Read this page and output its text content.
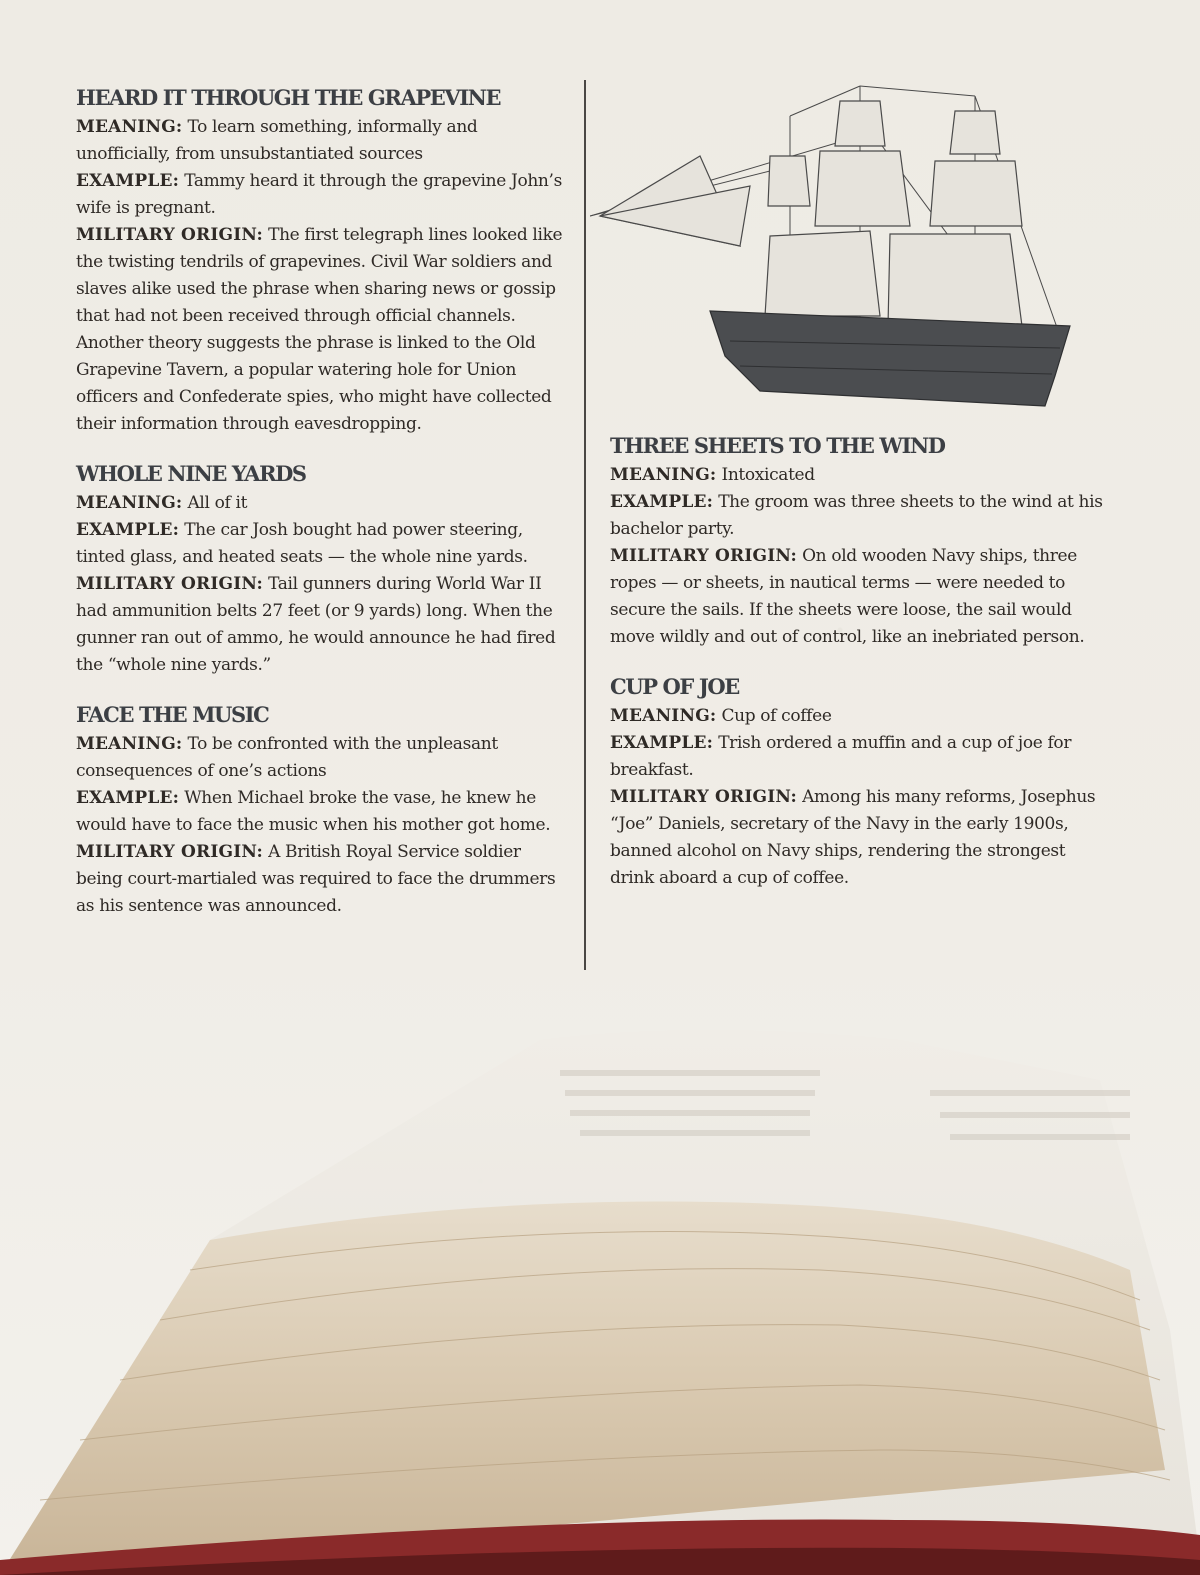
HEARD IT THROUGH THE GRAPEVINE

MEANING: To learn something, informally and unofficially, from unsubstantiated sources

EXAMPLE: Tammy heard it through the grapevine John’s wife is pregnant.

MILITARY ORIGIN: The first telegraph lines looked like the twisting tendrils of grapevines. Civil War soldiers and slaves alike used the phrase when sharing news or gossip that had not been received through official channels. Another theory suggests the phrase is linked to the Old Grapevine Tavern, a popular watering hole for Union officers and Confederate spies, who might have collected their information through eavesdropping.

WHOLE NINE YARDS

MEANING: All of it

EXAMPLE: The car Josh bought had power steering, tinted glass, and heated seats — the whole nine yards.

MILITARY ORIGIN: Tail gunners during World War II had ammunition belts 27 feet (or 9 yards) long. When the gunner ran out of ammo, he would announce he had fired the “whole nine yards.”

FACE THE MUSIC

MEANING: To be confronted with the unpleasant consequences of one’s actions

EXAMPLE: When Michael broke the vase, he knew he would have to face the music when his mother got home.

MILITARY ORIGIN: A British Royal Service soldier being court-martialed was required to face the drummers as his sentence was announced.

THREE SHEETS TO THE WIND

MEANING: Intoxicated

EXAMPLE: The groom was three sheets to the wind at his bachelor party.

MILITARY ORIGIN: On old wooden Navy ships, three ropes — or sheets, in nautical terms — were needed to secure the sails. If the sheets were loose, the sail would move wildly and out of control, like an inebriated person.

CUP OF JOE

MEANING: Cup of coffee

EXAMPLE: Trish ordered a muffin and a cup of joe for breakfast.

MILITARY ORIGIN: Among his many reforms, Josephus “Joe” Daniels, secretary of the Navy in the early 1900s, banned alcohol on Navy ships, rendering the strongest drink aboard a cup of coffee.
